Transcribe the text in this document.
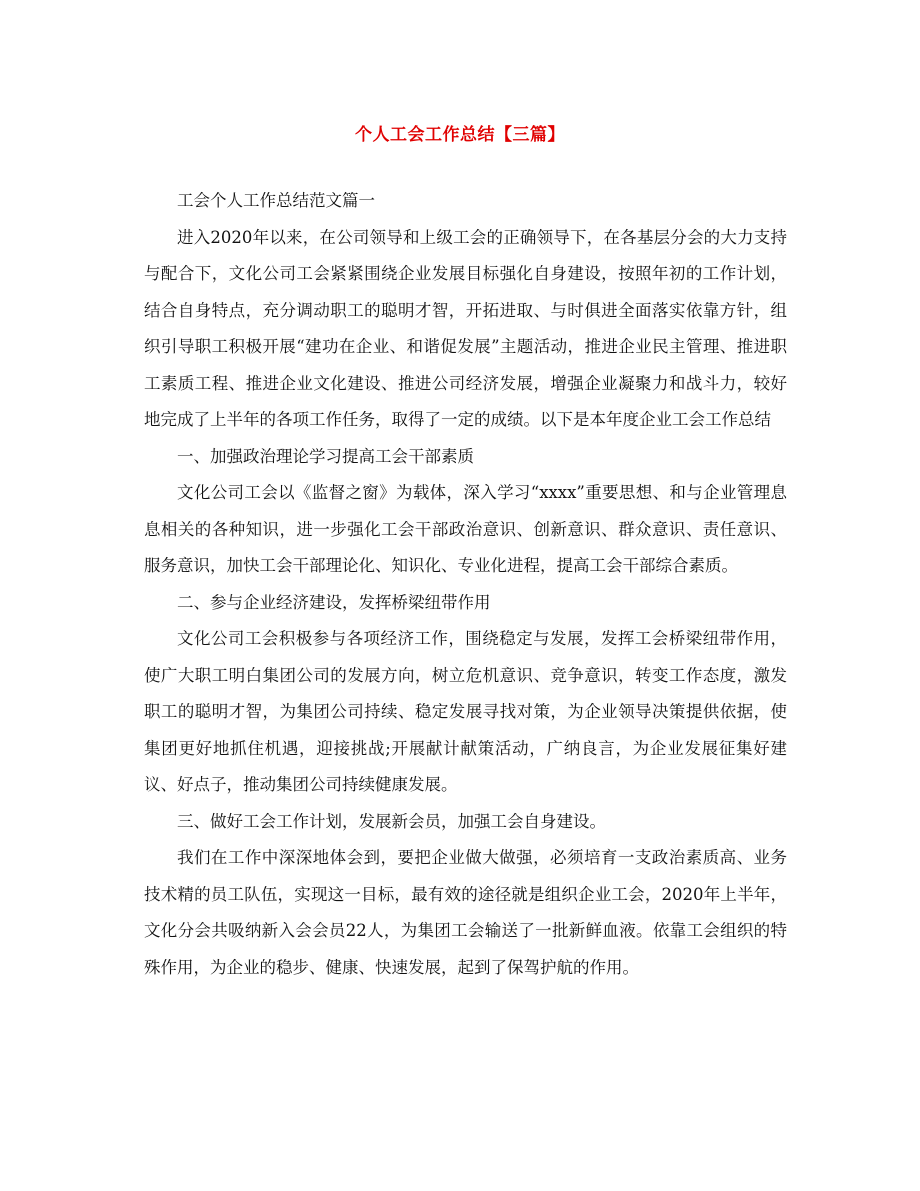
个人工会工作总结【三篇】

工会个人工作总结范文篇一

进入2020年以来，在公司领导和上级工会的正确领导下，在各基层分会的大力支持与配合下，文化公司工会紧紧围绕企业发展目标强化自身建设，按照年初的工作计划，结合自身特点，充分调动职工的聪明才智，开拓进取、与时俱进全面落实依靠方针，组织引导职工积极开展“建功在企业、和谐促发展”主题活动，推进企业民主管理、推进职工素质工程、推进企业文化建设、推进公司经济发展，增强企业凝聚力和战斗力，较好地完成了上半年的各项工作任务，取得了一定的成绩。以下是本年度企业工会工作总结

一、加强政治理论学习提高工会干部素质

文化公司工会以《监督之窗》为载体，深入学习“xxxx”重要思想、和与企业管理息息相关的各种知识，进一步强化工会干部政治意识、创新意识、群众意识、责任意识、服务意识，加快工会干部理论化、知识化、专业化进程，提高工会干部综合素质。

二、参与企业经济建设，发挥桥梁纽带作用

文化公司工会积极参与各项经济工作，围绕稳定与发展，发挥工会桥梁纽带作用，使广大职工明白集团公司的发展方向，树立危机意识、竞争意识，转变工作态度，激发职工的聪明才智，为集团公司持续、稳定发展寻找对策，为企业领导决策提供依据，使集团更好地抓住机遇，迎接挑战;开展献计献策活动，广纳良言，为企业发展征集好建议、好点子，推动集团公司持续健康发展。

三、做好工会工作计划，发展新会员，加强工会自身建设。

我们在工作中深深地体会到，要把企业做大做强，必须培育一支政治素质高、业务技术精的员工队伍，实现这一目标，最有效的途径就是组织企业工会，2020年上半年，文化分会共吸纳新入会会员22人，为集团工会输送了一批新鲜血液。依靠工会组织的特殊作用，为企业的稳步、健康、快速发展，起到了保驾护航的作用。
